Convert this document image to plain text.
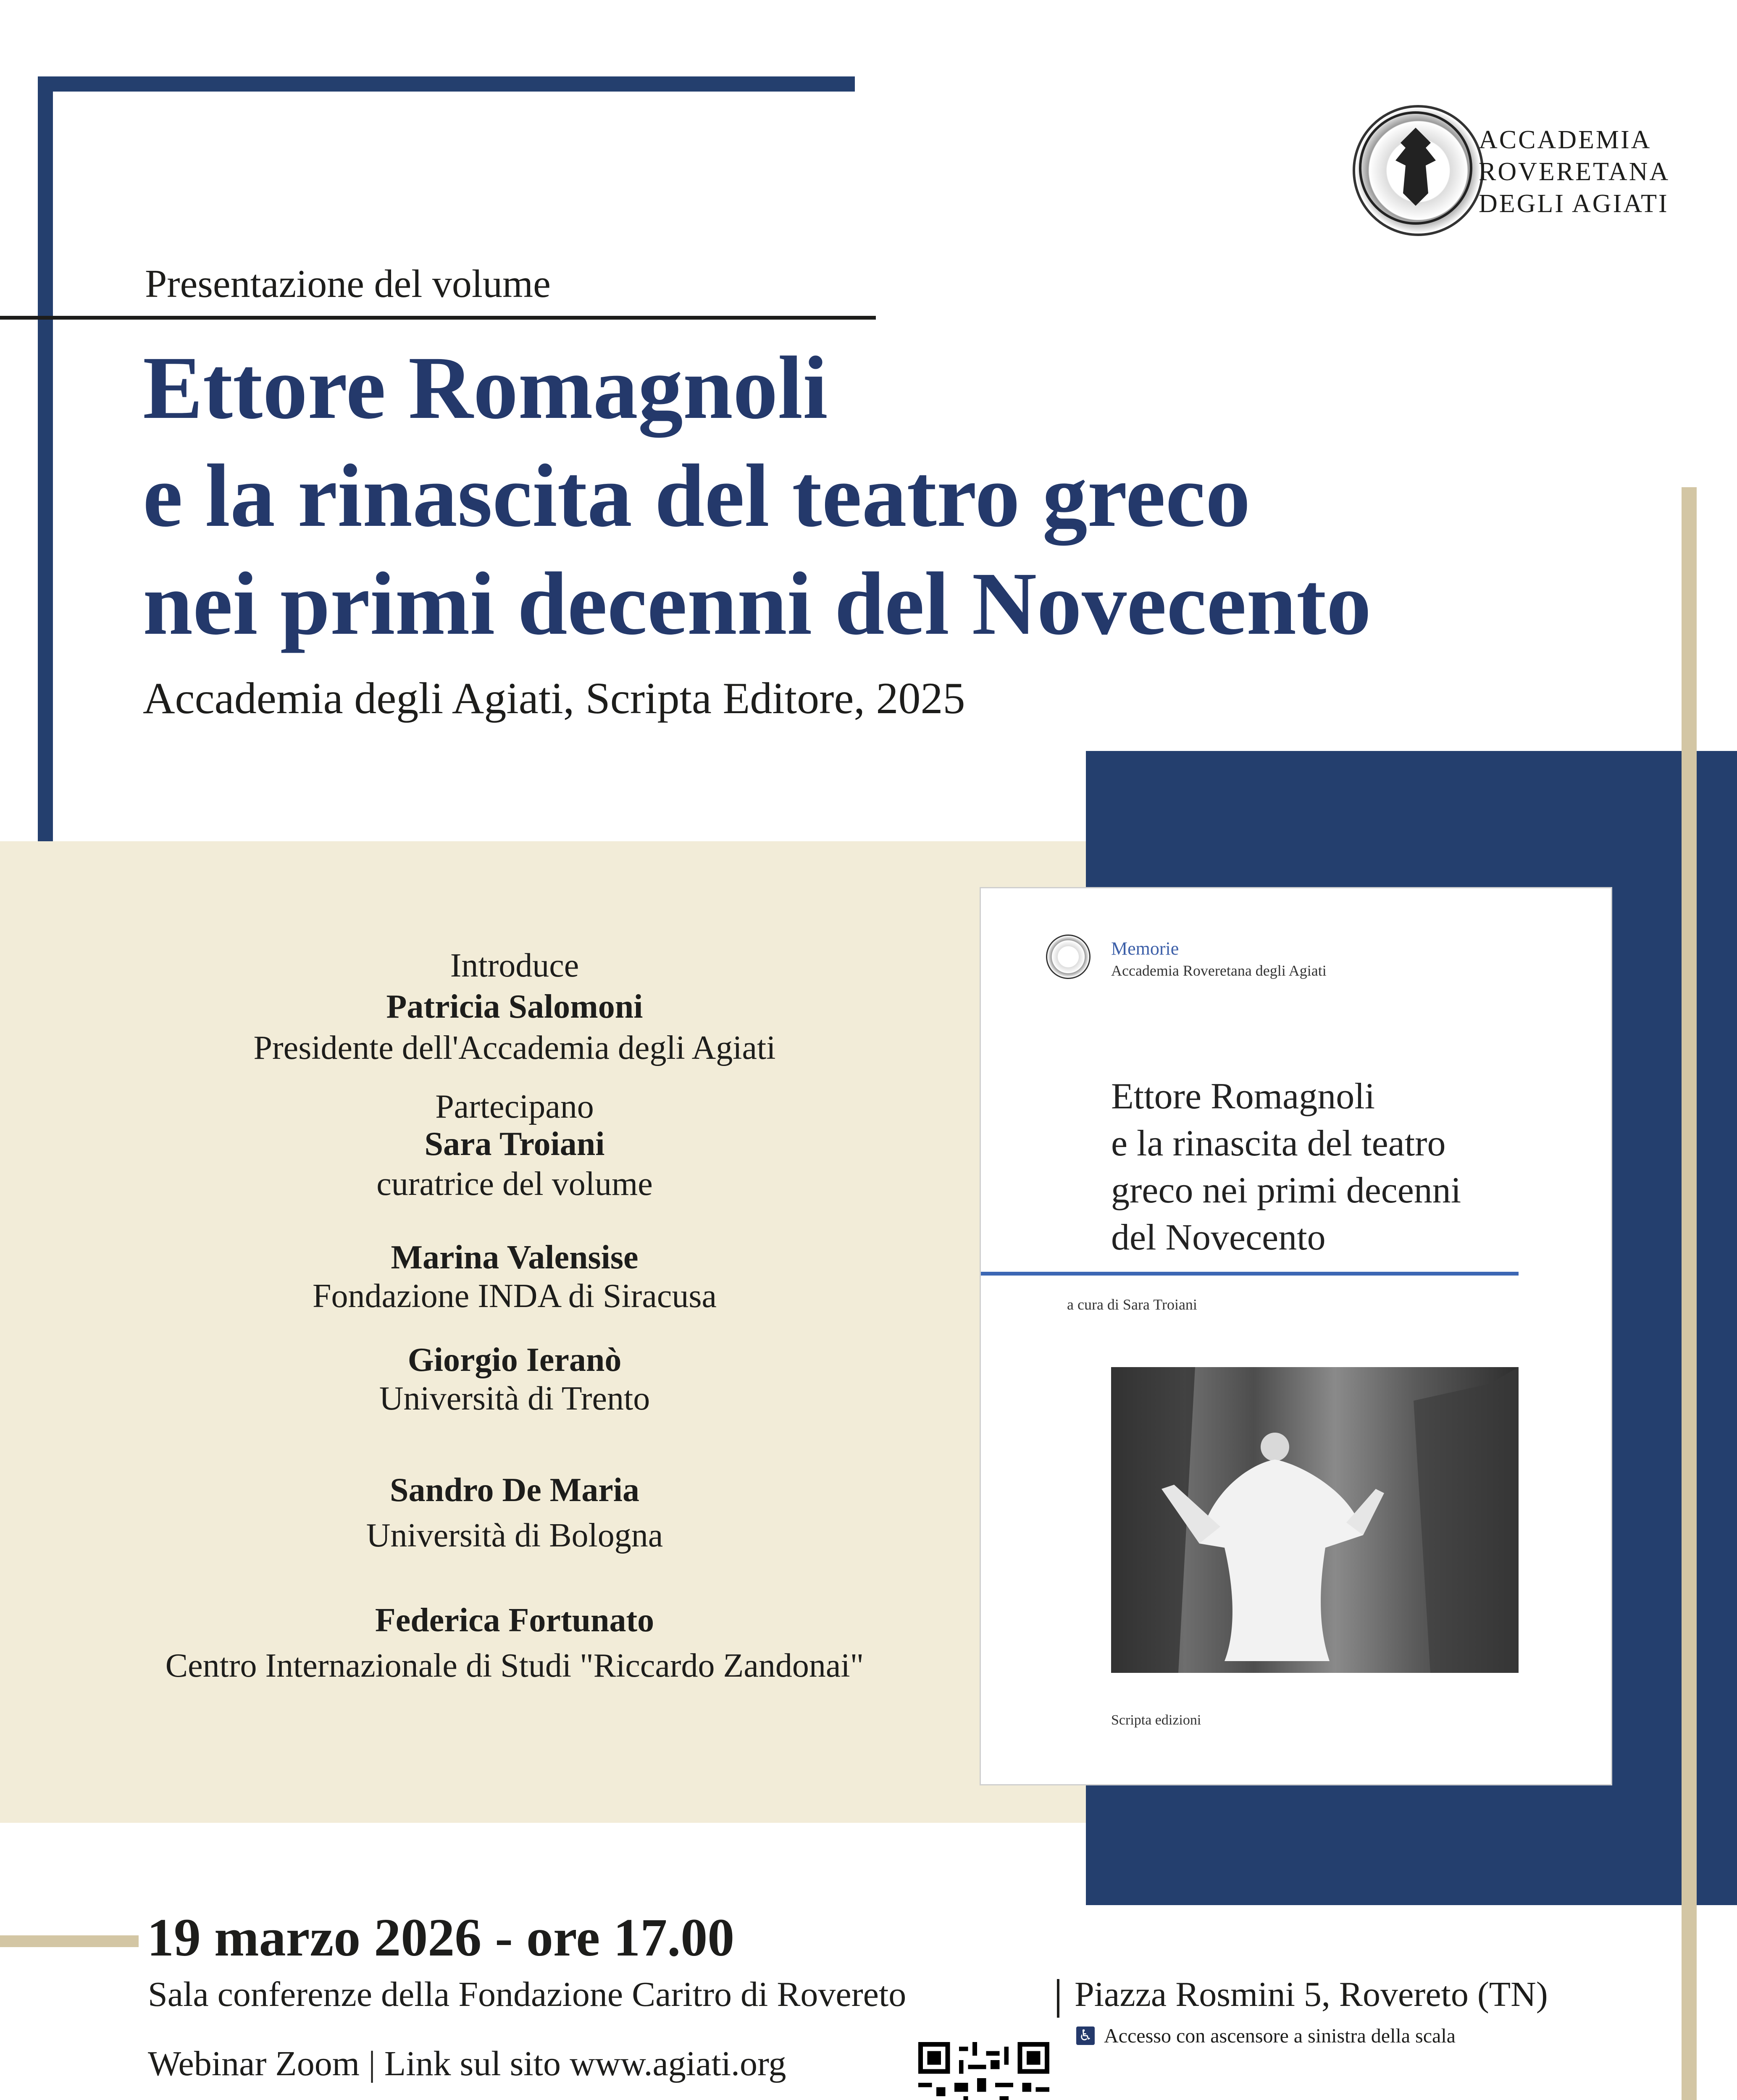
ACCADEMIA
ROVERETANA
DEGLI AGIATI
Presentazione del volume
Ettore Romagnoli
e la rinascita del teatro greco
nei primi decenni del Novecento
Accademia degli Agiati, Scripta Editore, 2025
Introduce
Patricia Salomoni
Presidente dell'Accademia degli Agiati
Partecipano
Sara Troiani
curatrice del volume
Marina Valensise
Fondazione INDA di Siracusa
Giorgio Ieranò
Università di Trento
Sandro De Maria
Università di Bologna
Federica Fortunato
Centro Internazionale di Studi "Riccardo Zandonai"
Memorie
Accademia Roveretana degli Agiati
Ettore Romagnoli
e la rinascita del teatro
greco nei primi decenni
del Novecento
a cura di Sara Troiani
Scripta edizioni
19 marzo 2026 - ore 17.00
Sala conferenze della Fondazione Caritro di Rovereto	Piazza Rosmini 5, Rovereto (TN)
♿ Accesso con ascensore a sinistra della scala
Webinar Zoom | Link sul sito www.agiati.org
